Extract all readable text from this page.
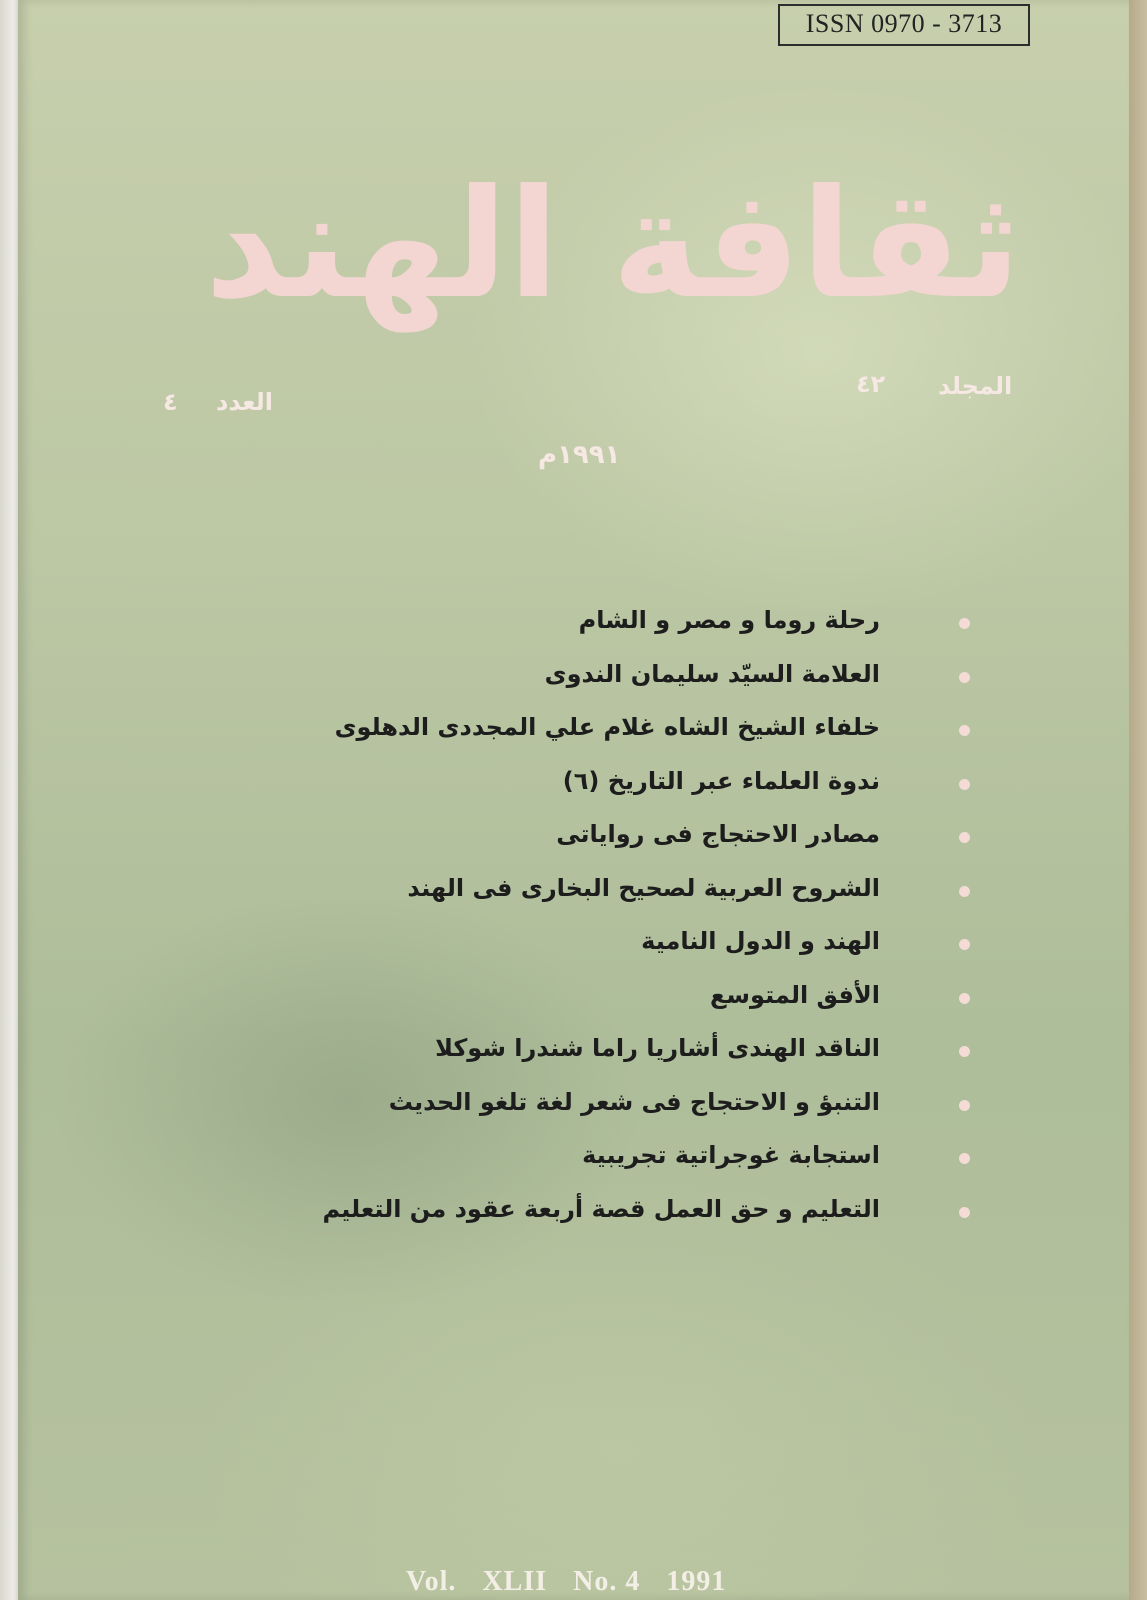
ISSN 0970 - 3713
ثقافة الهند
المجلد
٤٢
العدد
٤
١٩٩١م
رحلة روما و مصر و الشام
العلامة السيّد سليمان الندوى
خلفاء الشيخ الشاه غلام علي المجددى الدهلوى
ندوة العلماء عبر التاريخ (٦)
مصادر الاحتجاج فى رواياتى
الشروح العربية لصحيح البخارى فى الهند
الهند و الدول النامية
الأفق المتوسع
الناقد الهندى أشاريا راما شندرا شوكلا
التنبؤ و الاحتجاج فى شعر لغة تلغو الحديث
استجابة غوجراتية تجريبية
التعليم و حق العمل قصة أربعة عقود من التعليم
Vol. XLII No. 4 1991
